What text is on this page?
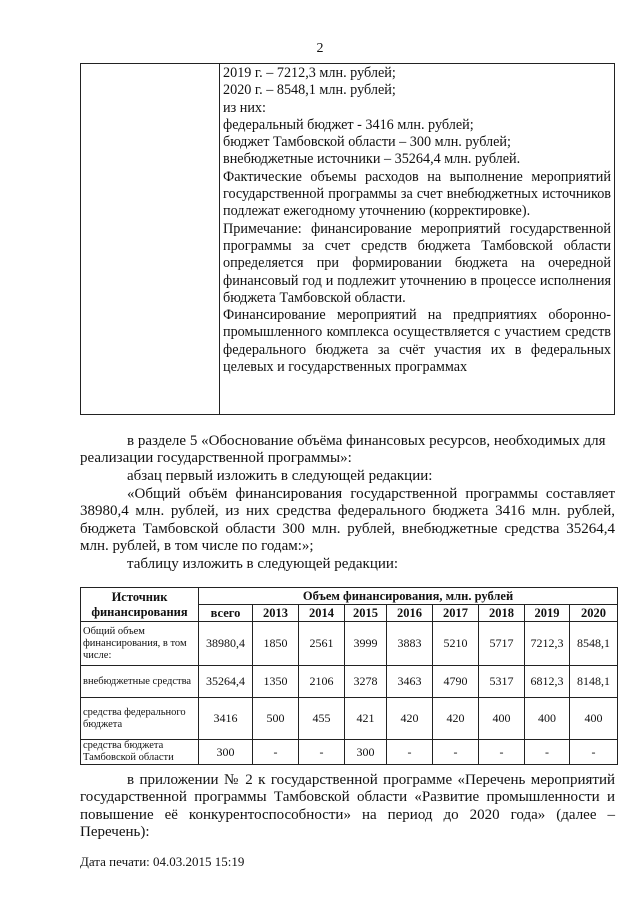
2

2019 г. – 7212,3 млн. рублей;
2020 г. – 8548,1 млн. рублей;
из них:
федеральный бюджет - 3416 млн. рублей;
бюджет Тамбовской области – 300 млн. рублей;
внебюджетные источники – 35264,4 млн. рублей.
Фактические объемы расходов на выполнение мероприятий государственной программы за счет внебюджетных источников подлежат ежегодному уточнению (корректировке).
Примечание: финансирование мероприятий государственной программы за счет средств бюджета Тамбовской области определяется при формировании бюджета на очередной финансовый год и подлежит уточнению в процессе исполнения бюджета Тамбовской области.
Финансирование мероприятий на предприятиях оборонно-промышленного комплекса осуществляется с участием средств федерального бюджета за счёт участия их в федеральных целевых и государственных программах
в разделе 5 «Обоснование объёма финансовых ресурсов, необходимых для реализации государственной программы»:
абзац первый изложить в следующей редакции:
«Общий объём финансирования государственной программы составляет 38980,4 млн. рублей, из них средства федерального бюджета 3416 млн. рублей, бюджета Тамбовской области 300 млн. рублей, внебюджетные средства 35264,4 млн. рублей, в том числе по годам:»;
таблицу изложить в следующей редакции:
Источник финансирования	Объем финансирования, млн. рублей								
	всего	2013	2014	2015	2016	2017	2018	2019	2020
Общий объем финансирования, в том числе:	38980,4	1850	2561	3999	3883	5210	5717	7212,3	8548,1
внебюджетные средства	35264,4	1350	2106	3278	3463	4790	5317	6812,3	8148,1
средства федерального бюджета	3416	500	455	421	420	420	400	400	400
средства бюджета Тамбовской области	300	-	-	300	-	-	-	-	-
в приложении № 2 к государственной программе «Перечень мероприятий государственной программы Тамбовской области «Развитие промышленности и повышение её конкурентоспособности» на период до 2020 года» (далее – Перечень):
Дата печати: 04.03.2015 15:19
